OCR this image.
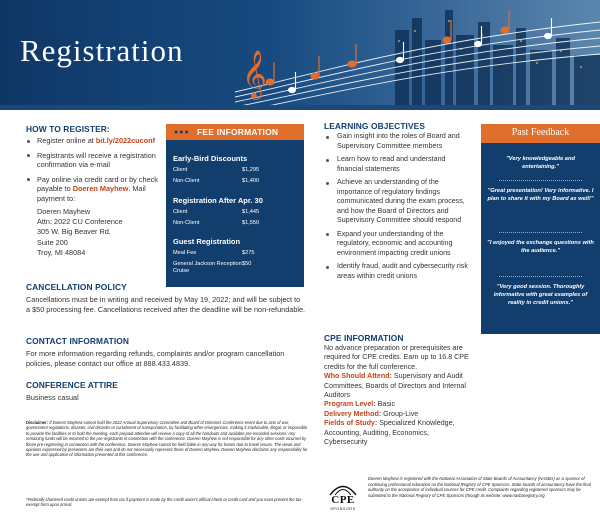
𝄞
Registration
HOW TO REGISTER:
Register online at bit.ly/2022cuconf
Registrants will receive a registration confirmation via e-mail
Pay online via credit card or by check payable to Doeren Mayhew. Mail payment to:
Doeren Mayhew
Attn: 2022 CU Conference
305 W. Big Beaver Rd.
Suite 200
Troy, MI 48084
●●● FEE INFORMATION
Early-Bird Discounts
Client	$1,295
Non-Client	$1,400
Registration After Apr. 30
Client	$1,445
Non-Client	$1,550
Guest Registration
Meal Fee	$275
General Jackson Reception Cruise
$50
CANCELLATION POLICY

Cancellations must be in writing and received by May 19, 2022; and will be subject to a $50 processing fee. Cancellations received after the deadline will be non-refundable.

CONTACT INFORMATION

For more information regarding refunds, complaints and/or program cancellation policies, please contact our office at 888.433.4839.

CONFERENCE ATTIRE

Business casual

Disclaimer: If Doeren Mayhew cannot hold the 2022 Annual Supervisory Committee and Board of Directors Conference event due to acts of war, government regulations, disaster, civil disorder or curtailment of transportation, by facilitating other emergencies, making it inadvisable, illegal, or impossible to provide the facilities or to hold the meeting, each prepaid attendee will receive a copy of all the handouts and available pre-recorded sessions. Any remaining funds will be returned to the pre-registrants in connection with the conference. Doeren Mayhew is not responsible for any other costs incurred by those pre-registering in connection with the conference. Doeren Mayhew cannot be held liable in any way for losses due to travel issues. The views and opinions expressed by presenters are their own and do not necessarily represent those of Doeren Mayhew. Doeren Mayhew disclaims any responsibility for the use and application of information presented at this conference.
*Federally chartered credit unions are exempt from tax if payment is made by the credit union's official check or credit card and you must present the tax-exempt form upon arrival.
LEARNING OBJECTIVES
Gain insight into the roles of Board and Supervisory Committee members
Learn how to read and understand financial statements
Achieve an understanding of the importance of regulatory findings communicated during the exam process, and how the Board of Directors and Supervisory Committee should respond
Expand your understanding of the regulatory, economic and accounting environment impacting credit unions
Identify fraud, audit and cybersecurity risk areas within credit unions
CPE INFORMATION
No advance preparation or prerequisites are required for CPE credits. Earn up to 16.8 CPE credits for the full conference.
Who Should Attend: Supervisory and Audit Committees, Boards of Directors and Internal Auditors
Program Level: Basic
Delivery Method: Group-Live
Fields of Study: Specialized Knowledge, Accounting, Auditing, Economics, Cybersecurity
Past Feedback
"Very knowledgeable and entertaining."
"Great presentation! Very informative. I plan to share it with my Board as well!"
"I enjoyed the exchange questions with the audience."
"Very good session. Thoroughly informative with great examples of reality in credit unions."
CPE
SPONSORS
Doeren Mayhew is registered with the National Association of State Boards of Accountancy (NASBA) as a sponsor of continuing professional education on the National Registry of CPE Sponsors. State boards of accountancy have the final authority on the acceptance of individual courses for CPE credit. Complaints regarding registered sponsors may be submitted to the National Registry of CPE Sponsors through its website: www.nasbaregistry.org
